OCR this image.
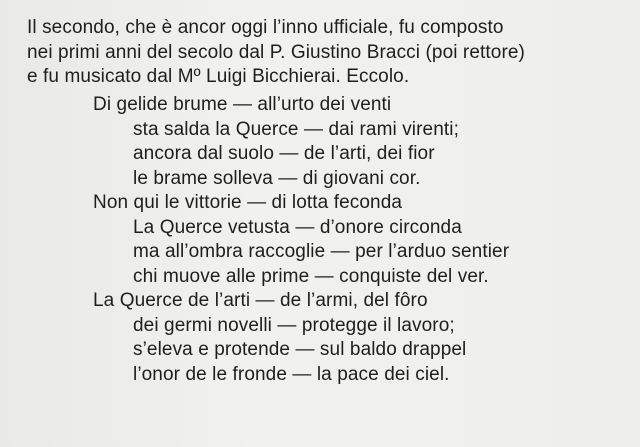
Il secondo, che è ancor oggi l’inno ufficiale, fu composto
nei primi anni del secolo dal P. Giustino Bracci (poi rettore)
e fu musicato dal Mº Luigi Bicchierai. Eccolo.

Di gelide brume — all’urto dei venti
sta salda la Querce — dai rami virenti;
ancora dal suolo — de l’arti, dei fior
le brame solleva — di giovani cor.

Non qui le vittorie — di lotta feconda
La Querce vetusta — d’onore circonda
ma all’ombra raccoglie — per l’arduo sentier
chi muove alle prime — conquiste del ver.

La Querce de l’arti — de l’armi, del fôro
dei germi novelli — protegge il lavoro;
s’eleva e protende — sul baldo drappel
l’onor de le fronde — la pace dei ciel.
